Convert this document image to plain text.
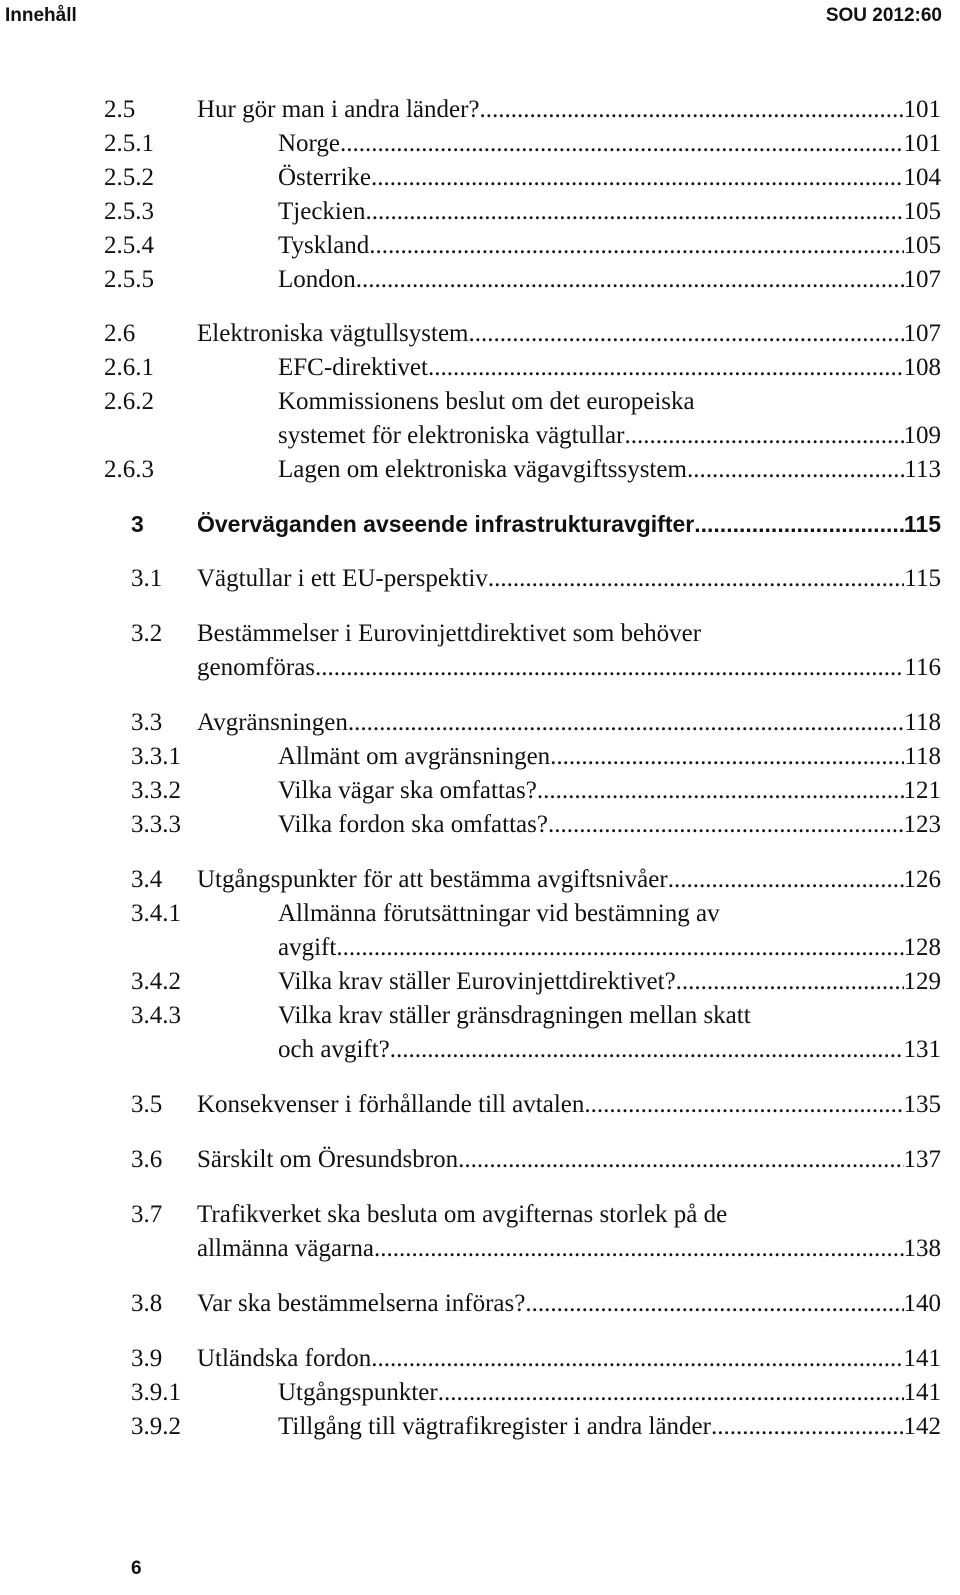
Innehåll	SOU 2012:60
2.5 Hur gör man i andra länder? .....	101
2.5.1	Norge .....	101
2.5.2	Österrike .....	104
2.5.3	Tjeckien .....	105
2.5.4	Tyskland .....	105
2.5.5	London .....	107
2.6 Elektroniska vägtullsystem .....	107
2.6.1	EFC-direktivet .....	108
2.6.2	Kommissionens beslut om det europeiska
systemet för elektroniska vägtullar .....	109
2.6.3	Lagen om elektroniska vägavgiftssystem .....	113
3 Överväganden avseende infrastrukturavgifter .....	115
3.1 Vägtullar i ett EU-perspektiv .....	115
3.2 Bestämmelser i Eurovinjettdirektivet som behöver
genomföras .....	116
3.3 Avgränsningen .....	118
3.3.1	Allmänt om avgränsningen .....	118
3.3.2	Vilka vägar ska omfattas? .....	121
3.3.3	Vilka fordon ska omfattas? .....	123
3.4 Utgångspunkter för att bestämma avgiftsnivåer .....	126
3.4.1	Allmänna förutsättningar vid bestämning av
avgift .....	128
3.4.2	Vilka krav ställer Eurovinjettdirektivet? .....	129
3.4.3	Vilka krav ställer gränsdragningen mellan skatt
och avgift? .....	131
3.5 Konsekvenser i förhållande till avtalen .....	135
3.6 Särskilt om Öresundsbron .....	137
3.7 Trafikverket ska besluta om avgifternas storlek på de
allmänna vägarna .....	138
3.8 Var ska bestämmelserna införas? .....	140
3.9 Utländska fordon .....	141
3.9.1	Utgångspunkter .....	141
3.9.2	Tillgång till vägtrafikregister i andra länder .....	142
6
